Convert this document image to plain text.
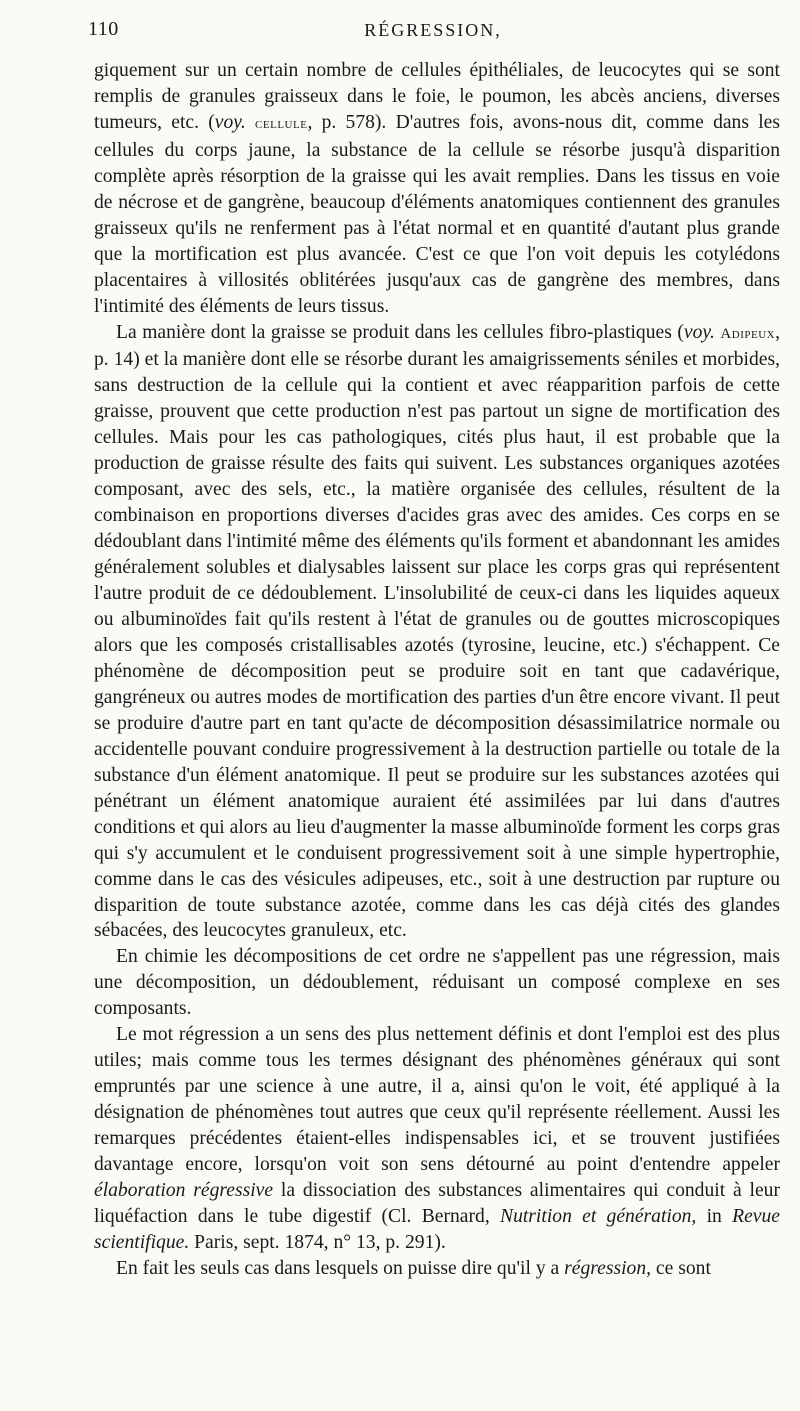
110	RÉGRESSION,

giquement sur un certain nombre de cellules épithéliales, de leucocytes qui se sont remplis de granules graisseux dans le foie, le poumon, les abcès anciens, diverses tumeurs, etc. (voy. cellule, p. 578). D'autres fois, avons-nous dit, comme dans les cellules du corps jaune, la substance de la cellule se résorbe jusqu'à disparition complète après résorption de la graisse qui les avait remplies. Dans les tissus en voie de nécrose et de gangrène, beaucoup d'éléments anatomiques contiennent des granules graisseux qu'ils ne renferment pas à l'état normal et en quantité d'autant plus grande que la mortification est plus avancée. C'est ce que l'on voit depuis les cotylédons placentaires à villosités oblitérées jusqu'aux cas de gangrène des membres, dans l'intimité des éléments de leurs tissus.

La manière dont la graisse se produit dans les cellules fibro-plastiques (voy. Adipeux, p. 14) et la manière dont elle se résorbe durant les amaigrissements séniles et morbides, sans destruction de la cellule qui la contient et avec réapparition parfois de cette graisse, prouvent que cette production n'est pas partout un signe de mortification des cellules. Mais pour les cas pathologiques, cités plus haut, il est probable que la production de graisse résulte des faits qui suivent. Les substances organiques azotées composant, avec des sels, etc., la matière organisée des cellules, résultent de la combinaison en proportions diverses d'acides gras avec des amides. Ces corps en se dédoublant dans l'intimité même des éléments qu'ils forment et abandonnant les amides généralement solubles et dialysables laissent sur place les corps gras qui représentent l'autre produit de ce dédoublement. L'insolubilité de ceux-ci dans les liquides aqueux ou albuminoïdes fait qu'ils restent à l'état de granules ou de gouttes microscopiques alors que les composés cristallisables azotés (tyrosine, leucine, etc.) s'échappent. Ce phénomène de décomposition peut se produire soit en tant que cadavérique, gangréneux ou autres modes de mortification des parties d'un être encore vivant. Il peut se produire d'autre part en tant qu'acte de décomposition désassimilatrice normale ou accidentelle pouvant conduire progressivement à la destruction partielle ou totale de la substance d'un élément anatomique. Il peut se produire sur les substances azotées qui pénétrant un élément anatomique auraient été assimilées par lui dans d'autres conditions et qui alors au lieu d'augmenter la masse albuminoïde forment les corps gras qui s'y accumulent et le conduisent progressivement soit à une simple hypertrophie, comme dans le cas des vésicules adipeuses, etc., soit à une destruction par rupture ou disparition de toute substance azotée, comme dans les cas déjà cités des glandes sébacées, des leucocytes granuleux, etc.

En chimie les décompositions de cet ordre ne s'appellent pas une régression, mais une décomposition, un dédoublement, réduisant un composé complexe en ses composants.

Le mot régression a un sens des plus nettement définis et dont l'emploi est des plus utiles; mais comme tous les termes désignant des phénomènes généraux qui sont empruntés par une science à une autre, il a, ainsi qu'on le voit, été appliqué à la désignation de phénomènes tout autres que ceux qu'il représente réellement. Aussi les remarques précédentes étaient-elles indispensables ici, et se trouvent justifiées davantage encore, lorsqu'on voit son sens détourné au point d'entendre appeler élaboration régressive la dissociation des substances alimentaires qui conduit à leur liquéfaction dans le tube digestif (Cl. Bernard, Nutrition et génération, in Revue scientifique. Paris, sept. 1874, n° 13, p. 291).

En fait les seuls cas dans lesquels on puisse dire qu'il y a régression, ce sont
